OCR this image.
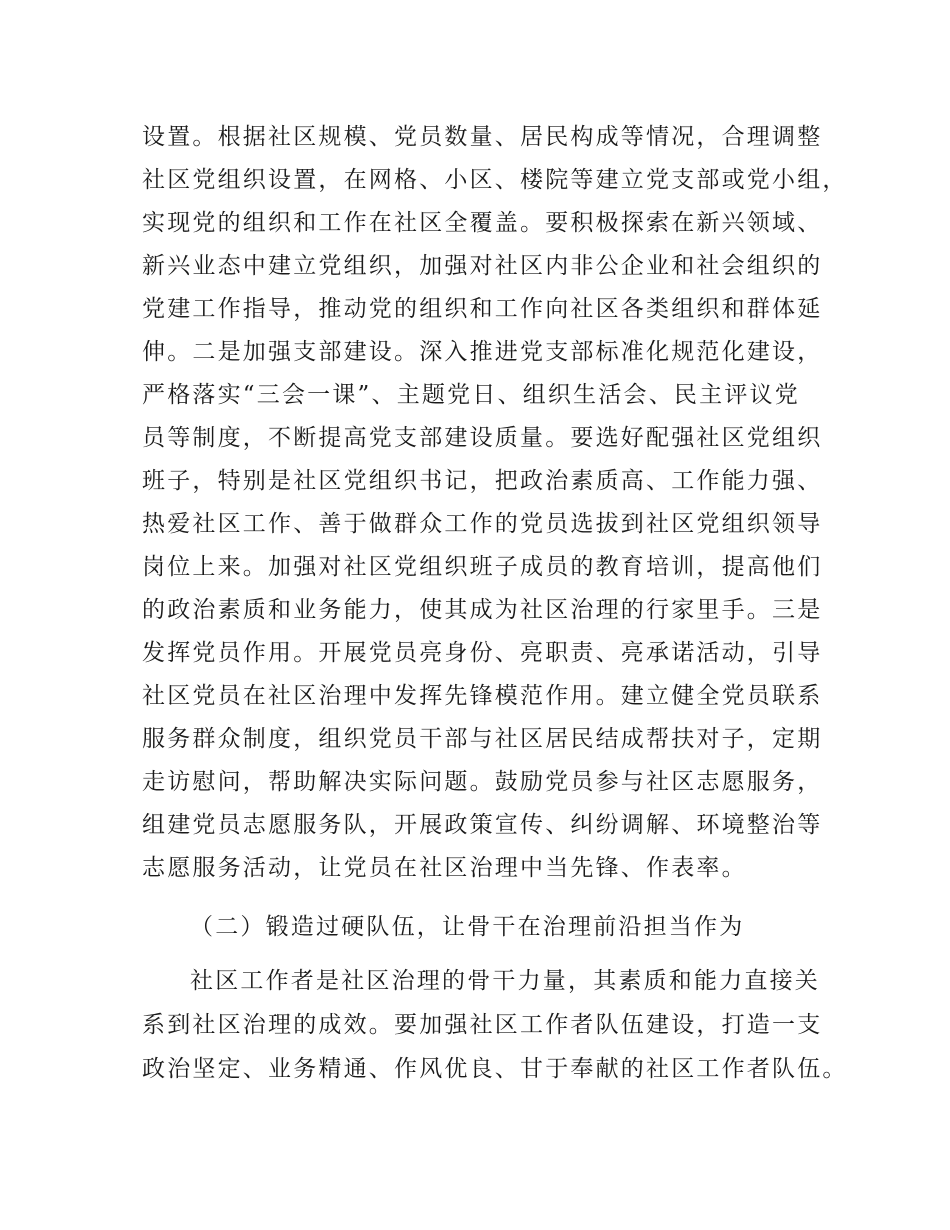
设置。根据社区规模、党员数量、居民构成等情况，合理调整
社区党组织设置，在网格、小区、楼院等建立党支部或党小组，
实现党的组织和工作在社区全覆盖。要积极探索在新兴领域、
新兴业态中建立党组织，加强对社区内非公企业和社会组织的
党建工作指导，推动党的组织和工作向社区各类组织和群体延
伸。二是加强支部建设。深入推进党支部标准化规范化建设，
严格落实“三会一课”、主题党日、组织生活会、民主评议党
员等制度，不断提高党支部建设质量。要选好配强社区党组织
班子，特别是社区党组织书记，把政治素质高、工作能力强、
热爱社区工作、善于做群众工作的党员选拔到社区党组织领导
岗位上来。加强对社区党组织班子成员的教育培训，提高他们
的政治素质和业务能力，使其成为社区治理的行家里手。三是
发挥党员作用。开展党员亮身份、亮职责、亮承诺活动，引导
社区党员在社区治理中发挥先锋模范作用。建立健全党员联系
服务群众制度，组织党员干部与社区居民结成帮扶对子，定期
走访慰问，帮助解决实际问题。鼓励党员参与社区志愿服务，
组建党员志愿服务队，开展政策宣传、纠纷调解、环境整治等
志愿服务活动，让党员在社区治理中当先锋、作表率。
（二）锻造过硬队伍，让骨干在治理前沿担当作为
社区工作者是社区治理的骨干力量，其素质和能力直接关
系到社区治理的成效。要加强社区工作者队伍建设，打造一支
政治坚定、业务精通、作风优良、甘于奉献的社区工作者队伍。
